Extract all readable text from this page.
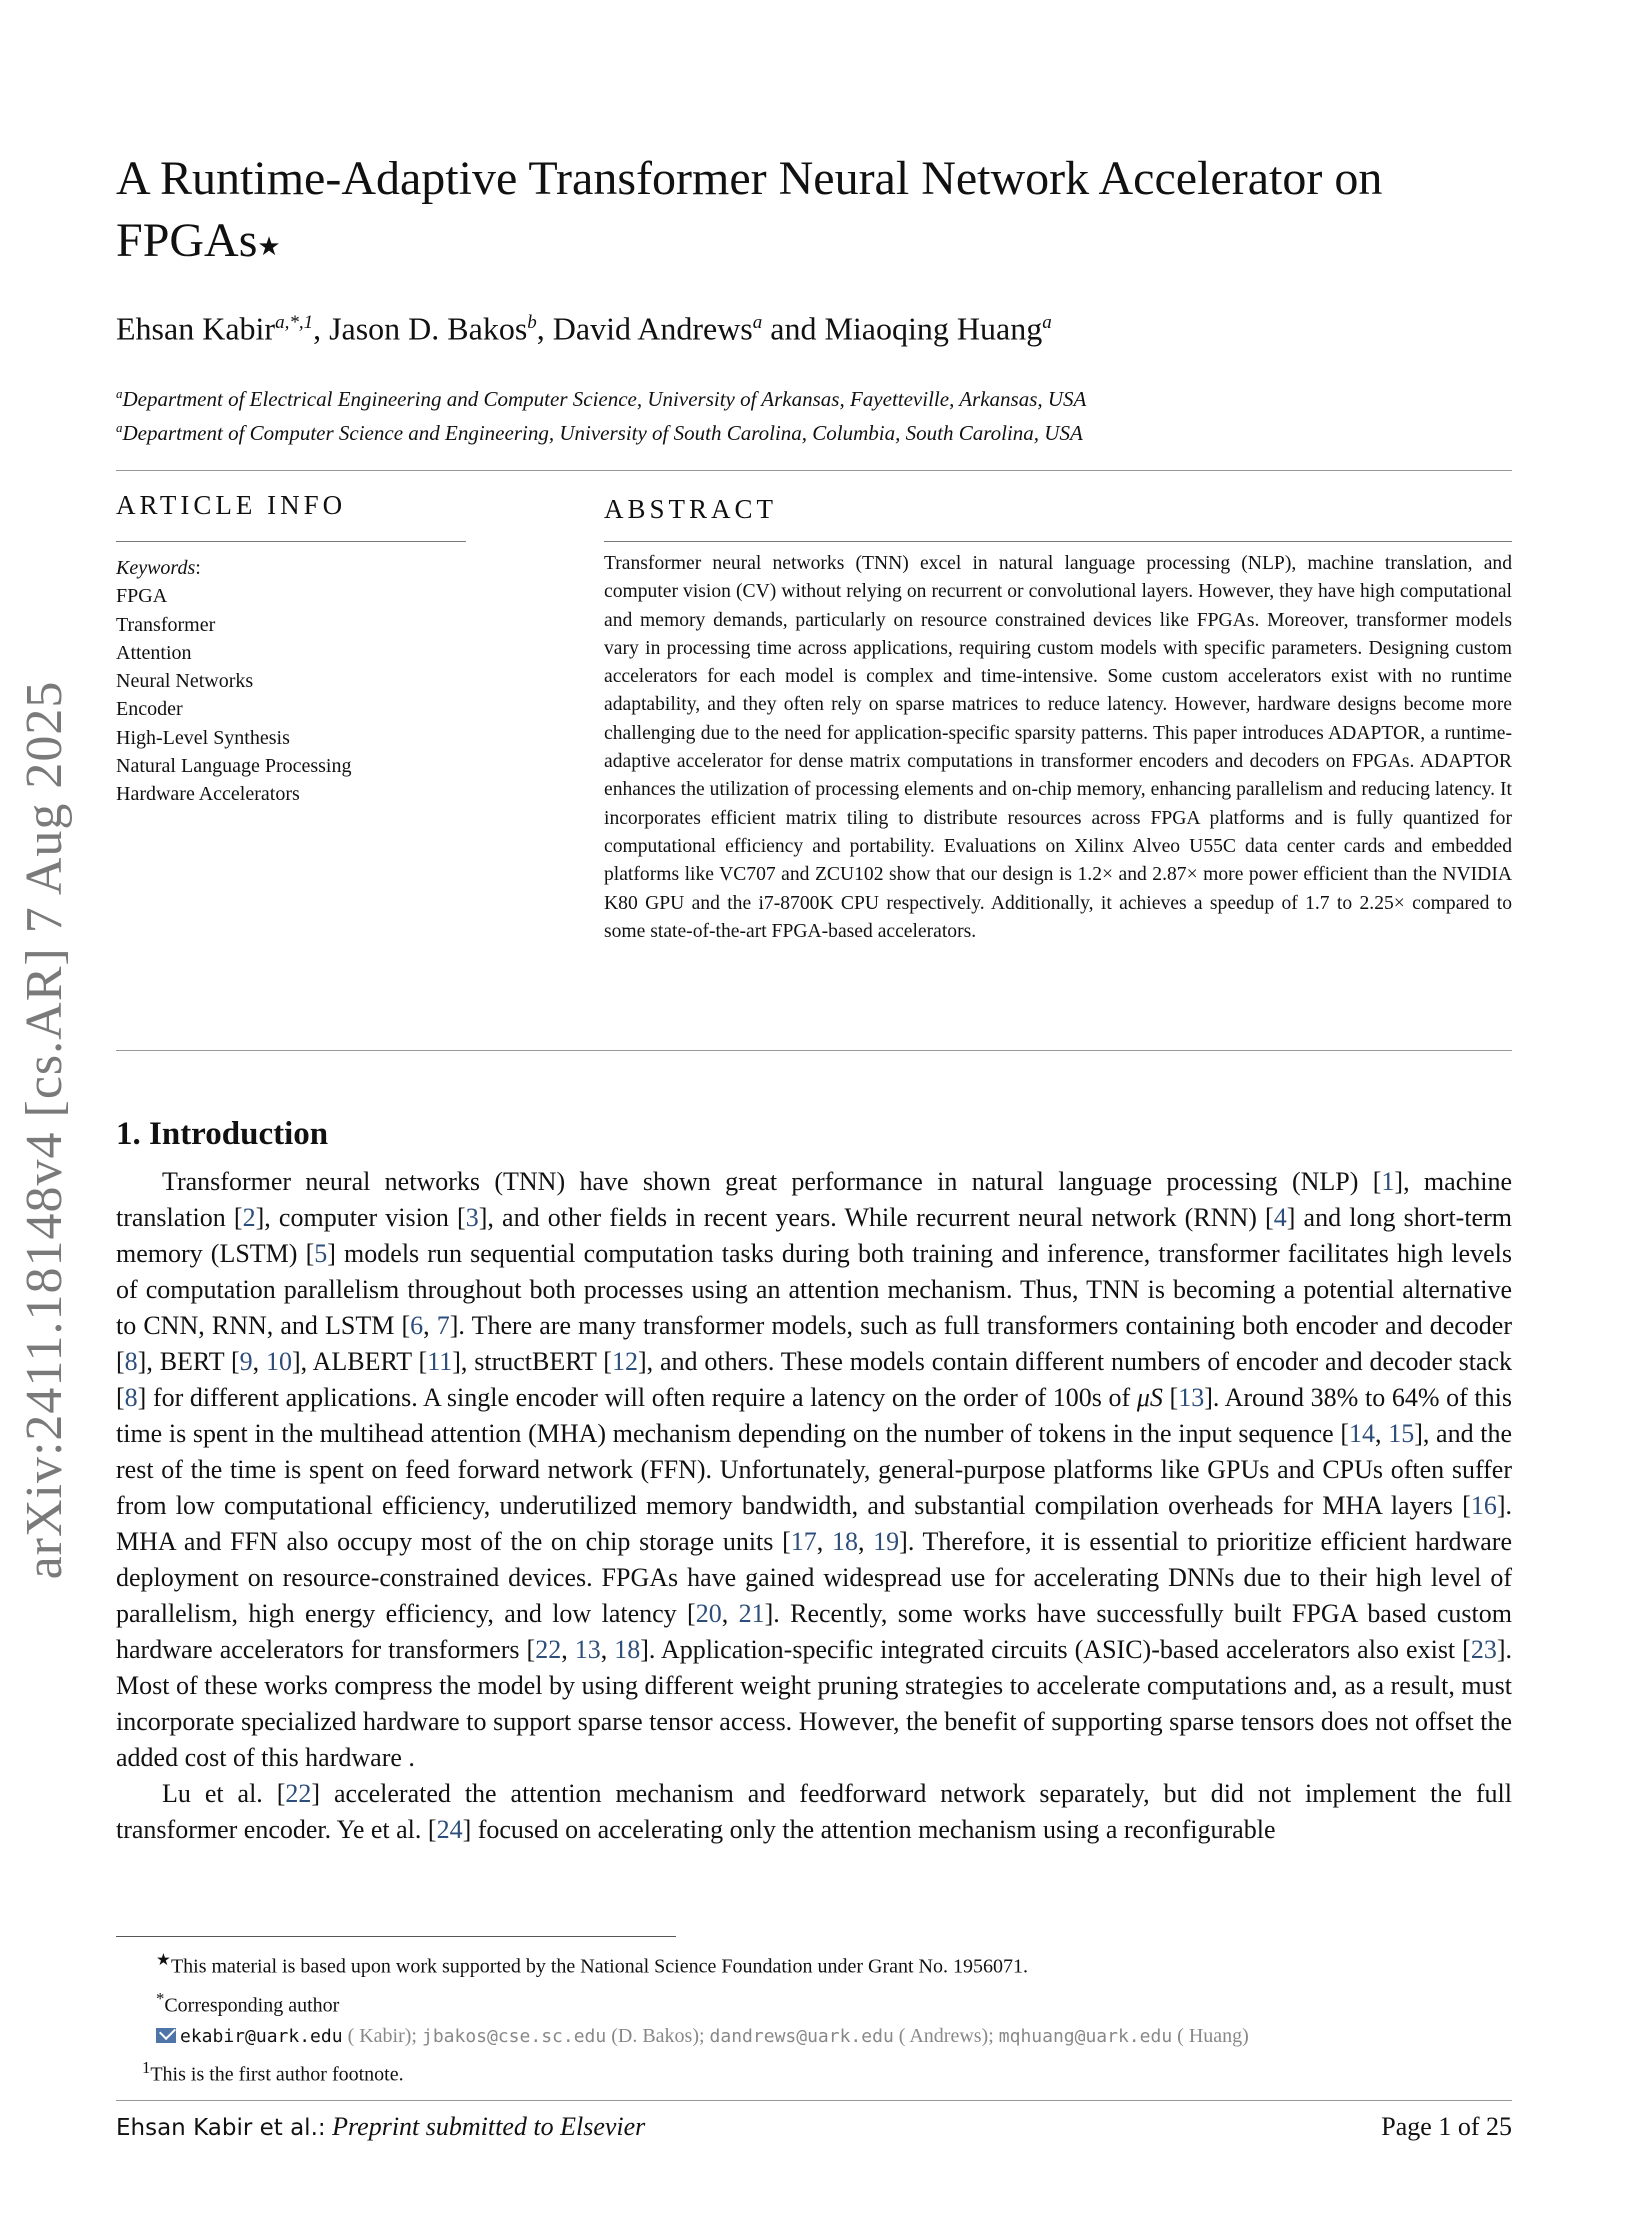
arXiv:2411.18148v4 [cs.AR] 7 Aug 2025
A Runtime-Adaptive Transformer Neural Network Accelerator on FPGAs★
Ehsan Kabir$^{a,*,1}$, Jason D. Bakos$^b$, David Andrews$^a$ and Miaoqing Huang$^a$
$^a$Department of Electrical Engineering and Computer Science, University of Arkansas, Fayetteville, Arkansas, USA
$^a$Department of Computer Science and Engineering, University of South Carolina, Columbia, South Carolina, USA
ARTICLE INFO
Keywords:
FPGA
Transformer
Attention
Neural Networks
Encoder
High-Level Synthesis
Natural Language Processing
Hardware Accelerators
ABSTRACT
Transformer neural networks (TNN) excel in natural language processing (NLP), machine translation, and computer vision (CV) without relying on recurrent or convolutional layers. However, they have high computational and memory demands, particularly on resource constrained devices like FPGAs. Moreover, transformer models vary in processing time across applications, requiring custom models with specific parameters. Designing custom accelerators for each model is complex and time-intensive. Some custom accelerators exist with no runtime adaptability, and they often rely on sparse matrices to reduce latency. However, hardware designs become more challenging due to the need for application-specific sparsity patterns. This paper introduces ADAPTOR, a runtime-adaptive accelerator for dense matrix computations in transformer encoders and decoders on FPGAs. ADAPTOR enhances the utilization of processing elements and on-chip memory, enhancing parallelism and reducing latency. It incorporates efficient matrix tiling to distribute resources across FPGA platforms and is fully quantized for computational efficiency and portability. Evaluations on Xilinx Alveo U55C data center cards and embedded platforms like VC707 and ZCU102 show that our design is 1.2× and 2.87× more power efficient than the NVIDIA K80 GPU and the i7-8700K CPU respectively. Additionally, it achieves a speedup of 1.7 to 2.25× compared to some state-of-the-art FPGA-based accelerators.
1. Introduction

Transformer neural networks (TNN) have shown great performance in natural language processing (NLP) [1], machine translation [2], computer vision [3], and other fields in recent years. While recurrent neural network (RNN) [4] and long short-term memory (LSTM) [5] models run sequential computation tasks during both training and inference, transformer facilitates high levels of computation parallelism throughout both processes using an attention mechanism. Thus, TNN is becoming a potential alternative to CNN, RNN, and LSTM [6, 7]. There are many transformer models, such as full transformers containing both encoder and decoder [8], BERT [9, 10], ALBERT [11], structBERT [12], and others. These models contain different numbers of encoder and decoder stack [8] for different applications. A single encoder will often require a latency on the order of 100s of μS [13]. Around 38% to 64% of this time is spent in the multihead attention (MHA) mechanism depending on the number of tokens in the input sequence [14, 15], and the rest of the time is spent on feed forward network (FFN). Unfortunately, general-purpose platforms like GPUs and CPUs often suffer from low computational efficiency, underutilized memory bandwidth, and substantial compilation overheads for MHA layers [16]. MHA and FFN also occupy most of the on chip storage units [17, 18, 19]. Therefore, it is essential to prioritize efficient hardware deployment on resource-constrained devices. FPGAs have gained widespread use for accelerating DNNs due to their high level of parallelism, high energy efficiency, and low latency [20, 21]. Recently, some works have successfully built FPGA based custom hardware accelerators for transformers [22, 13, 18]. Application-specific integrated circuits (ASIC)-based accelerators also exist [23]. Most of these works compress the model by using different weight pruning strategies to accelerate computations and, as a result, must incorporate specialized hardware to support sparse tensor access. However, the benefit of supporting sparse tensors does not offset the added cost of this hardware .

Lu et al. [22] accelerated the attention mechanism and feedforward network separately, but did not implement the full transformer encoder. Ye et al. [24] focused on accelerating only the attention mechanism using a reconfigurable

★This material is based upon work supported by the National Science Foundation under Grant No. 1956071.
*Corresponding author
ekabir@uark.edu ( Kabir); jbakos@cse.sc.edu (D. Bakos); dandrews@uark.edu ( Andrews); mqhuang@uark.edu ( Huang)
$^1$This is the first author footnote.
Ehsan Kabir et al.: Preprint submitted to Elsevier	Page 1 of 25
